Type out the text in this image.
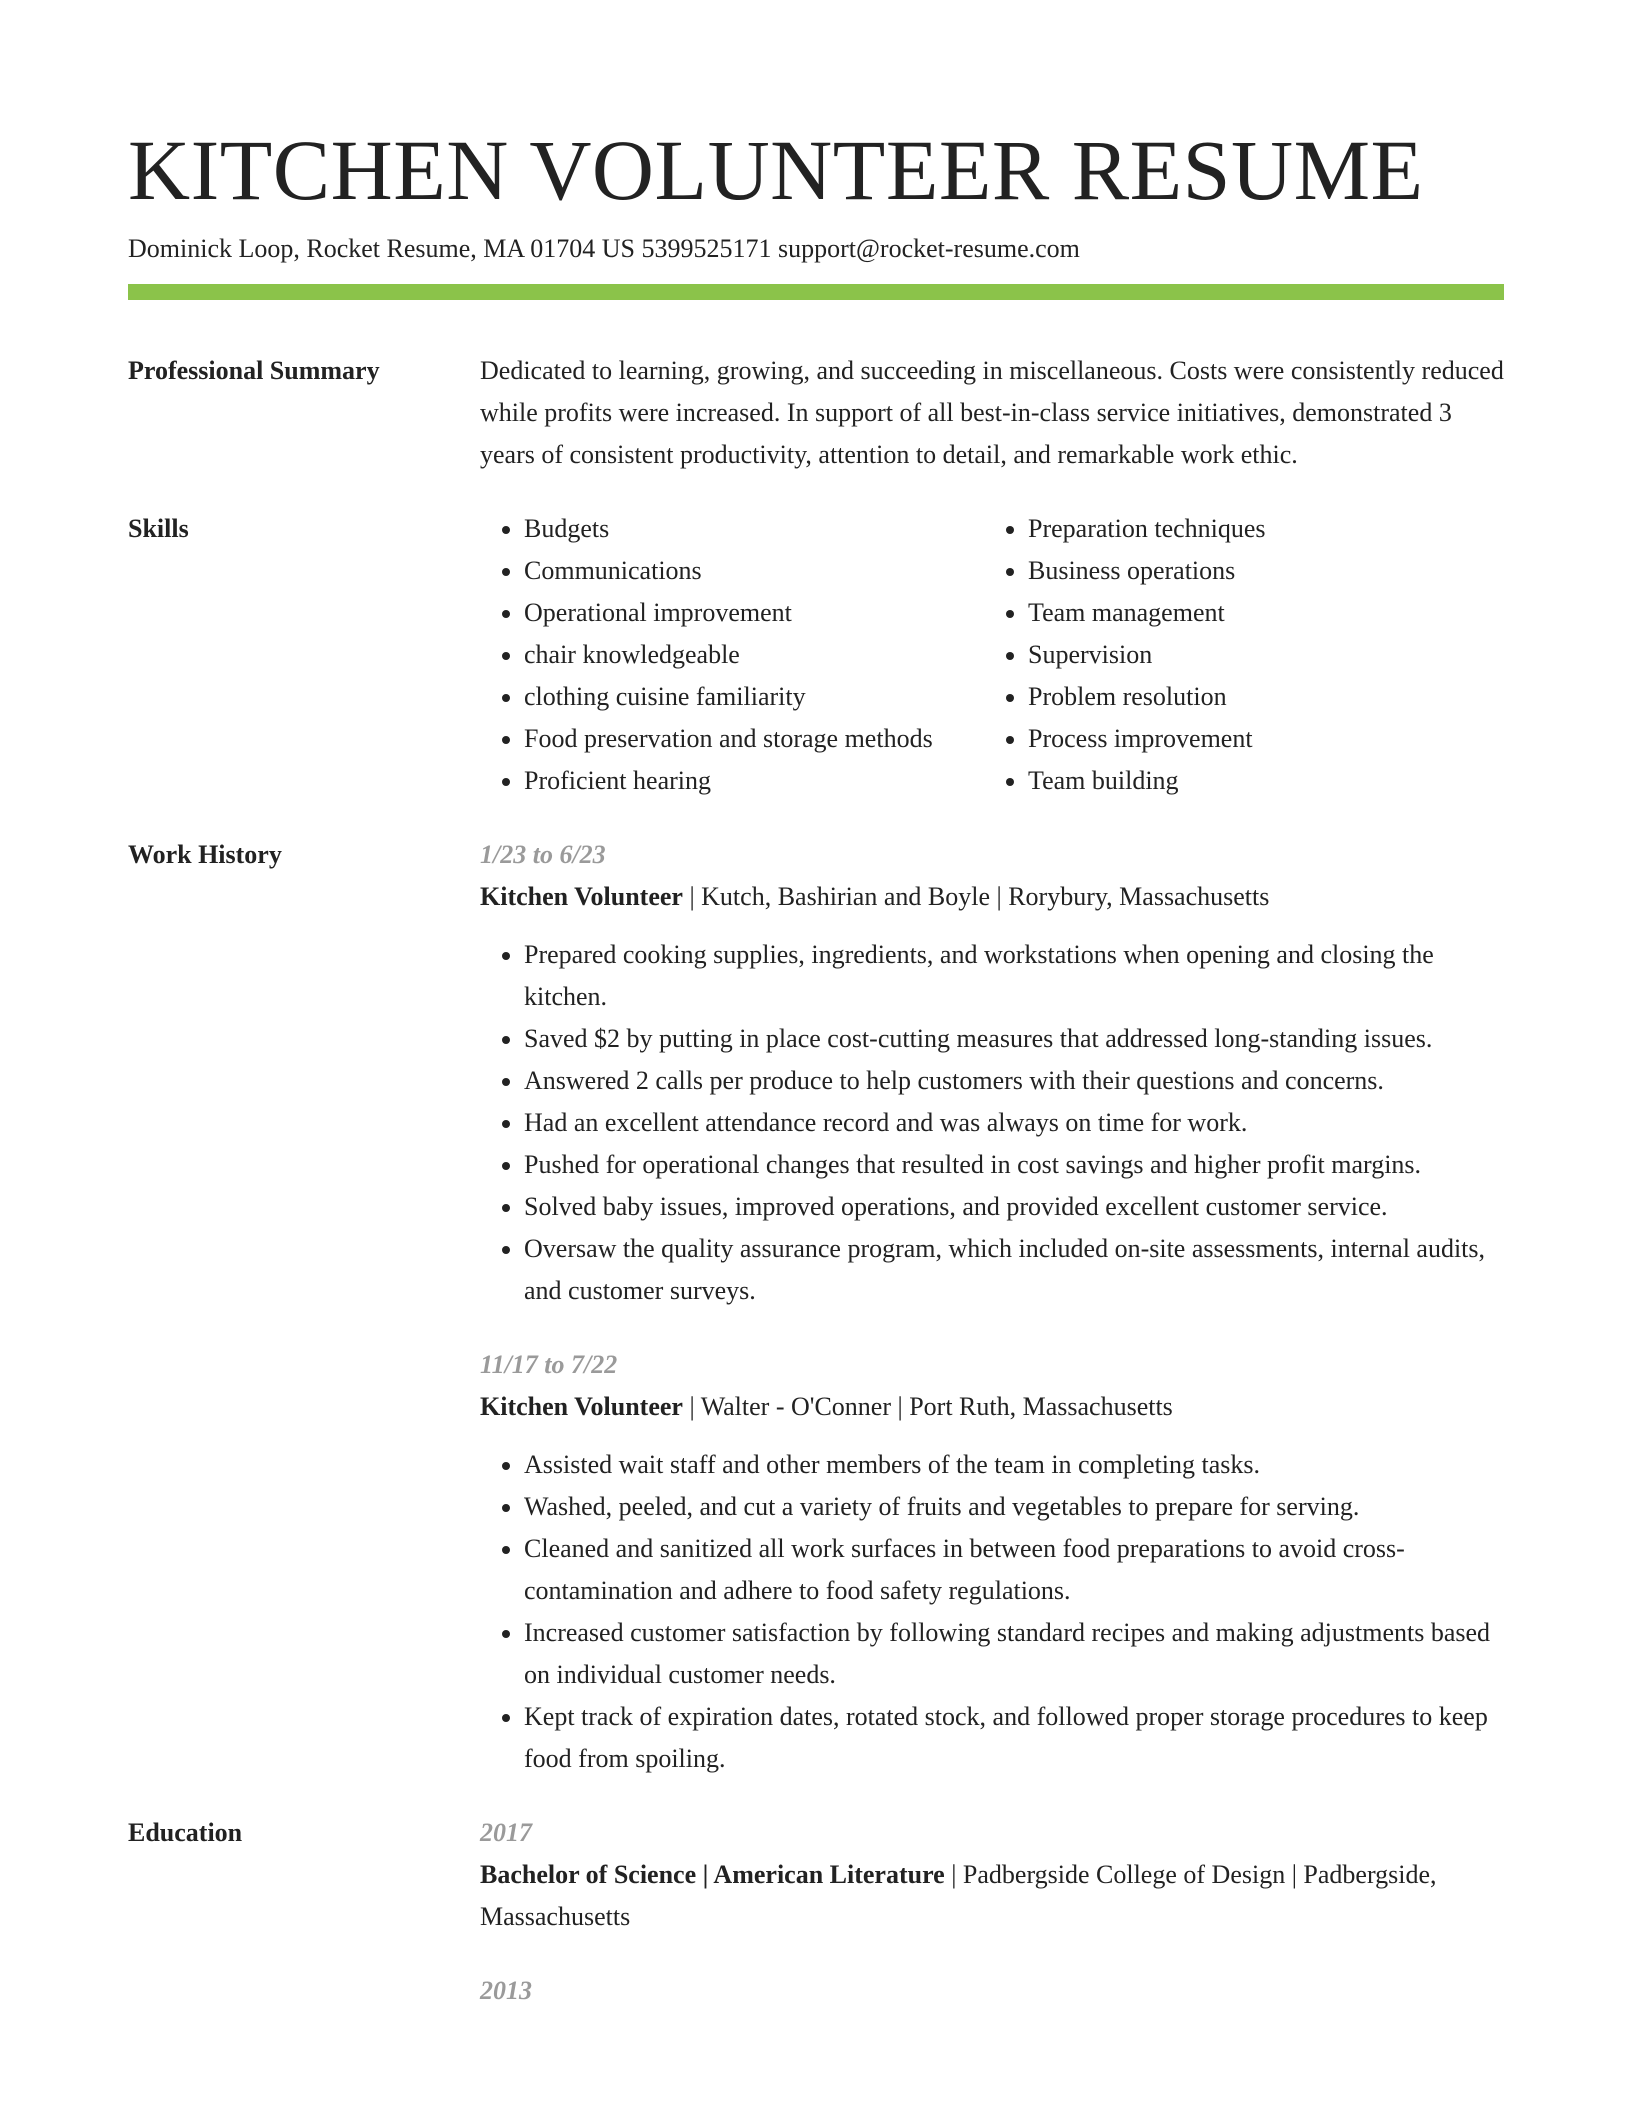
KITCHEN VOLUNTEER RESUME
Dominick Loop, Rocket Resume, MA 01704 US 5399525171 support@rocket-resume.com
Professional Summary	Dedicated to learning, growing, and succeeding in miscellaneous. Costs were consistently reduced while profits were increased. In support of all best-in-class service initiatives, demonstrated 3 years of consistent productivity, attention to detail, and remarkable work ethic.

Skills
•	Budgets
• Communications
• Operational improvement
• chair knowledgeable
• clothing cuisine familiarity
• Food preservation and storage methods
• Proficient hearing
• Preparation techniques
• Business operations
• Team management
• Supervision
• Problem resolution
• Process improvement
• Team building
Work History	1/23 to 6/23
Kitchen Volunteer | Kutch, Bashirian and Boyle | Rorybury, Massachusetts
• Prepared cooking supplies, ingredients, and workstations when opening and closing the kitchen.
• Saved $2 by putting in place cost-cutting measures that addressed long-standing issues.
• Answered 2 calls per produce to help customers with their questions and concerns.
• Had an excellent attendance record and was always on time for work.
• Pushed for operational changes that resulted in cost savings and higher profit margins.
• Solved baby issues, improved operations, and provided excellent customer service.
• Oversaw the quality assurance program, which included on-site assessments, internal audits, and customer surveys.
11/17 to 7/22
Kitchen Volunteer | Walter - O'Conner | Port Ruth, Massachusetts
• Assisted wait staff and other members of the team in completing tasks.
• Washed, peeled, and cut a variety of fruits and vegetables to prepare for serving.
• Cleaned and sanitized all work surfaces in between food preparations to avoid cross-contamination and adhere to food safety regulations.
• Increased customer satisfaction by following standard recipes and making adjustments based on individual customer needs.
• Kept track of expiration dates, rotated stock, and followed proper storage procedures to keep food from spoiling.
Education	2017
Bachelor of Science | American Literature | Padbergside College of Design | Padbergside, Massachusetts
2013
